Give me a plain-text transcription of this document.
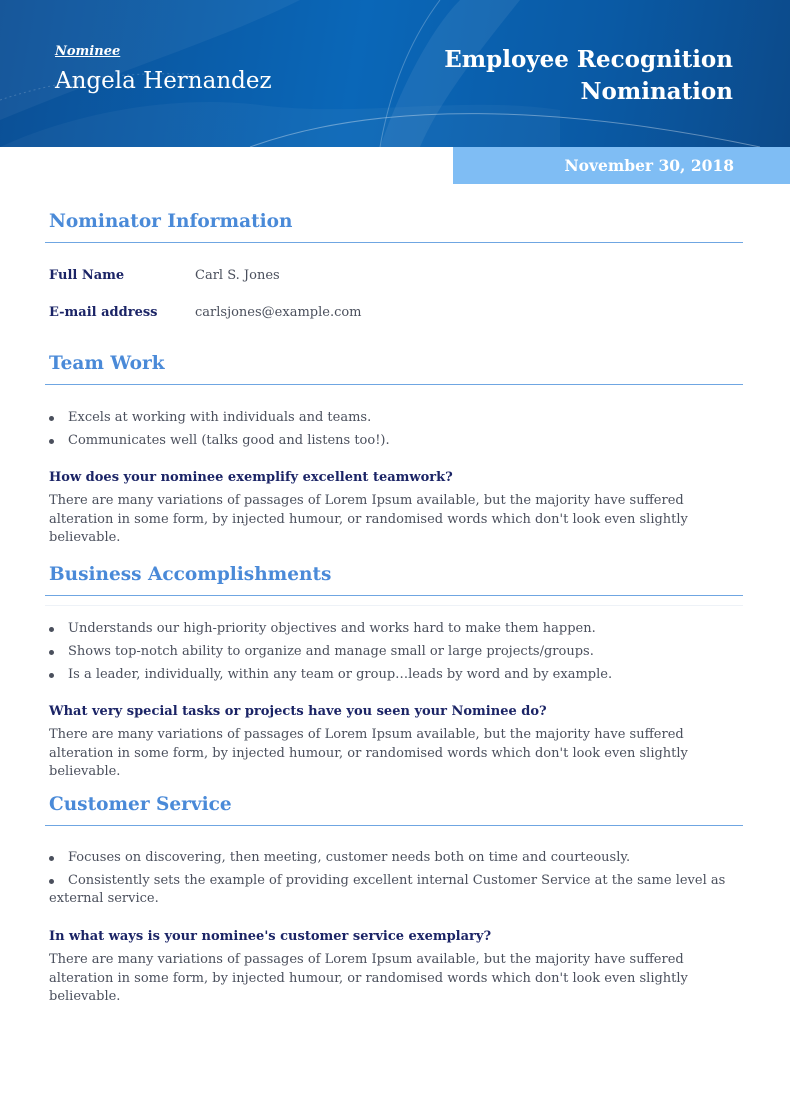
Nominee
Angela Hernandez
Employee Recognition
Nomination
November 30, 2018
Nominator Information
Full Name	Carl S. Jones
E-mail address	carlsjones@example.com
Team Work
Excels at working with individuals and teams.
Communicates well (talks good and listens too!).
How does your nominee exemplify excellent teamwork?
There are many variations of passages of Lorem Ipsum available, but the majority have suffered alteration in some form, by injected humour, or randomised words which don't look even slightly believable.
Business Accomplishments
Understands our high-priority objectives and works hard to make them happen.
Shows top-notch ability to organize and manage small or large projects/groups.
Is a leader, individually, within any team or group…leads by word and by example.
What very special tasks or projects have you seen your Nominee do?
There are many variations of passages of Lorem Ipsum available, but the majority have suffered alteration in some form, by injected humour, or randomised words which don't look even slightly believable.
Customer Service
Focuses on discovering, then meeting, customer needs both on time and courteously.
Consistently sets the example of providing excellent internal Customer Service at the same level as external service.
In what ways is your nominee's customer service exemplary?
There are many variations of passages of Lorem Ipsum available, but the majority have suffered alteration in some form, by injected humour, or randomised words which don't look even slightly believable.
